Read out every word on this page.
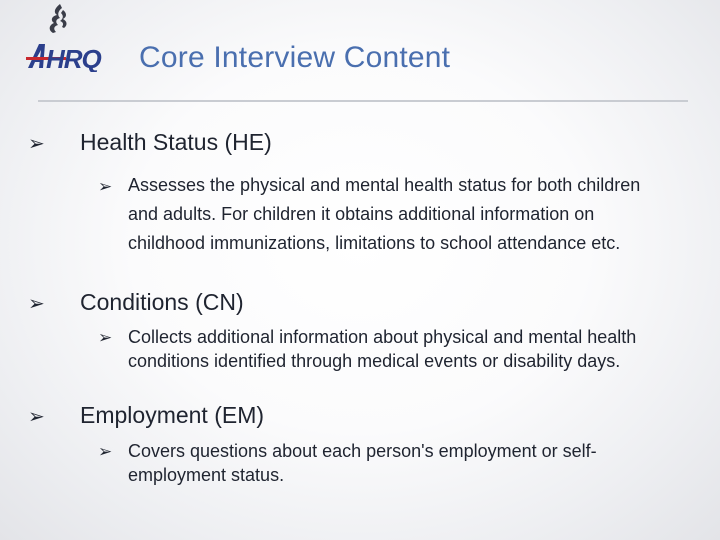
HRQ Core Interview Content
➢ Health Status (HE)
➢ Assesses the physical and mental health status for both children and adults. For children it obtains additional information on childhood immunizations, limitations to school attendance etc.
➢ Conditions (CN)
➢ Collects additional information about physical and mental health conditions identified through medical events or disability days.
➢ Employment (EM)
➢ Covers questions about each person's employment or self-employment status.
